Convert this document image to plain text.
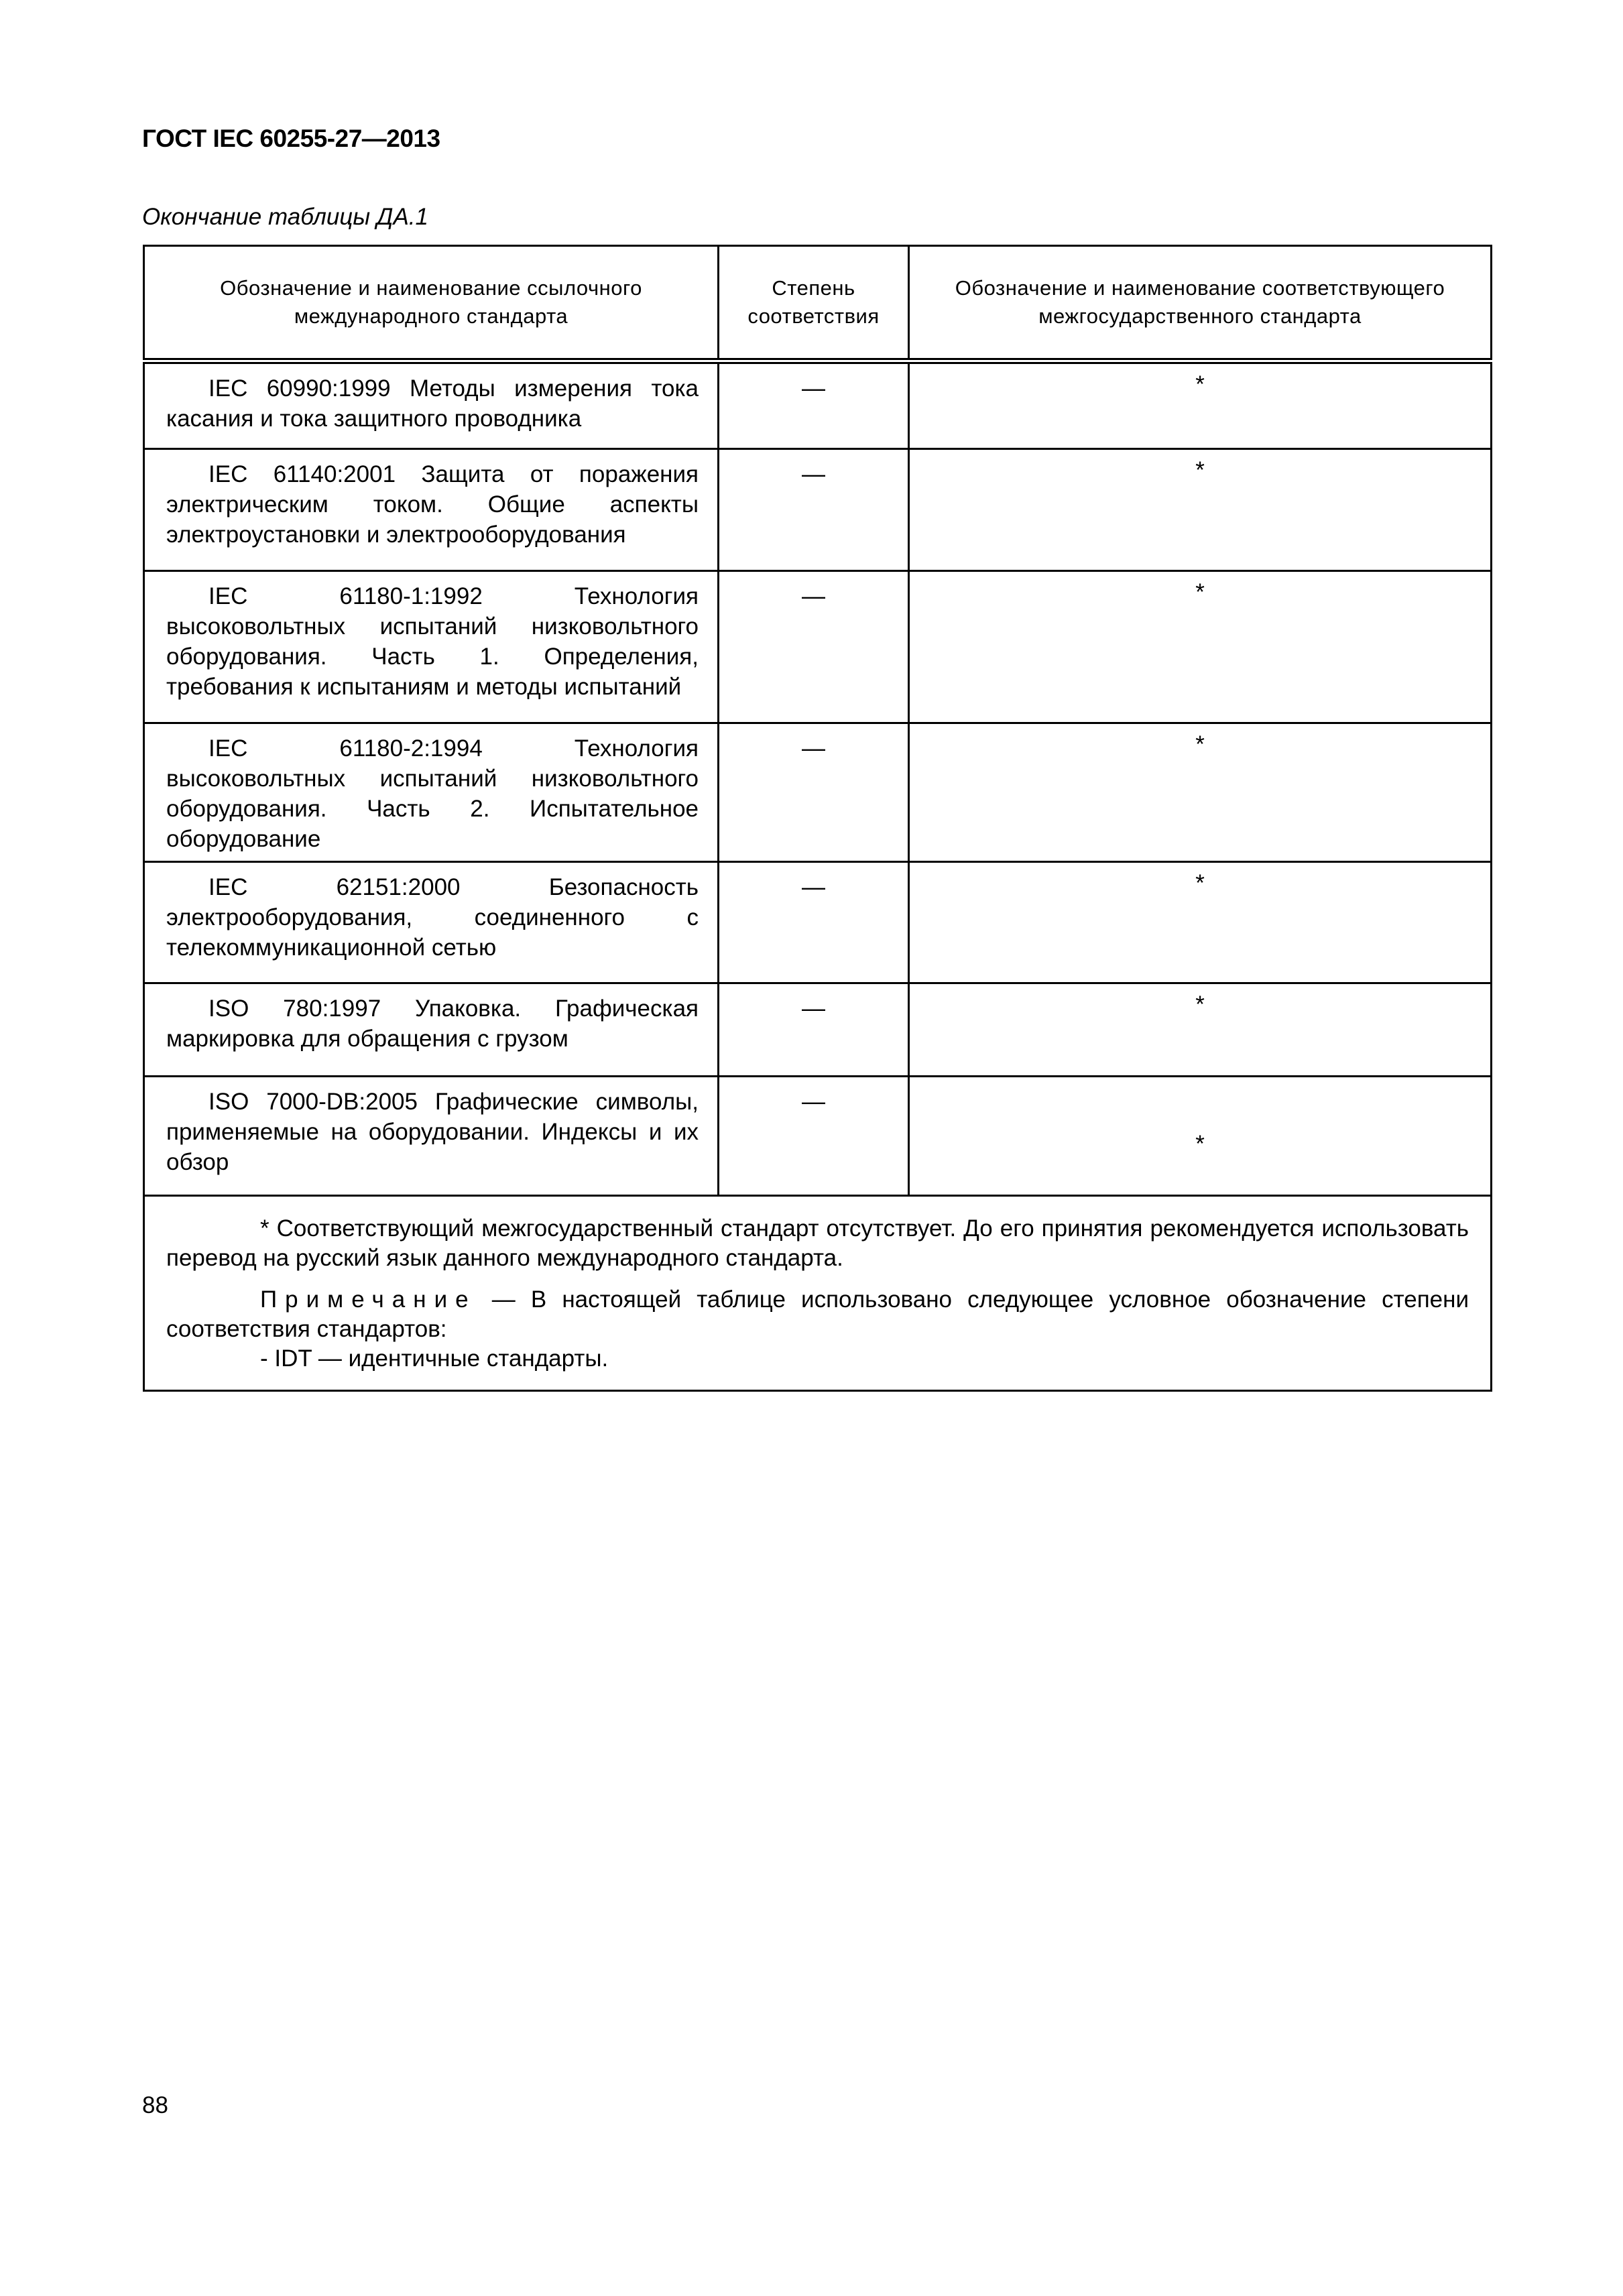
ГОСТ IEC 60255-27—2013
Окончание таблицы ДА.1
Обозначение и наименование ссылочного международного стандарта	Степень соответствия	Обозначение и наименование соответствующего межгосударственного стандарта

IEC 60990:1999 Методы измерения тока касания и тока защитного проводника	—	*

IEC 61140:2001 Защита от поражения электрическим током. Общие аспекты электроустановки и электрооборудования	—	*

IEC 61180-1:1992 Технология высоковольтных испытаний низковольтного оборудования. Часть 1. Определения, требования к испытаниям и методы испытаний	—	*

IEC 61180-2:1994 Технология высоковольтных испытаний низковольтного оборудования. Часть 2. Испытательное оборудование	—	*

IEC 62151:2000 Безопасность электрооборудования, соединенного с телекоммуникационной сетью	—	*

ISO 780:1997 Упаковка. Графическая маркировка для обращения с грузом	—	*

ISO 7000-DB:2005 Графические символы, применяемые на оборудовании. Индексы и их обзор	—	*

* Соответствующий межгосударственный стандарт отсутствует. До его принятия рекомендуется использовать перевод на русский язык данного международного стандарта.

Примечание — В настоящей таблице использовано следующее условное обозначение степени соответствия стандартов:

- IDT — идентичные стандарты.		

88
